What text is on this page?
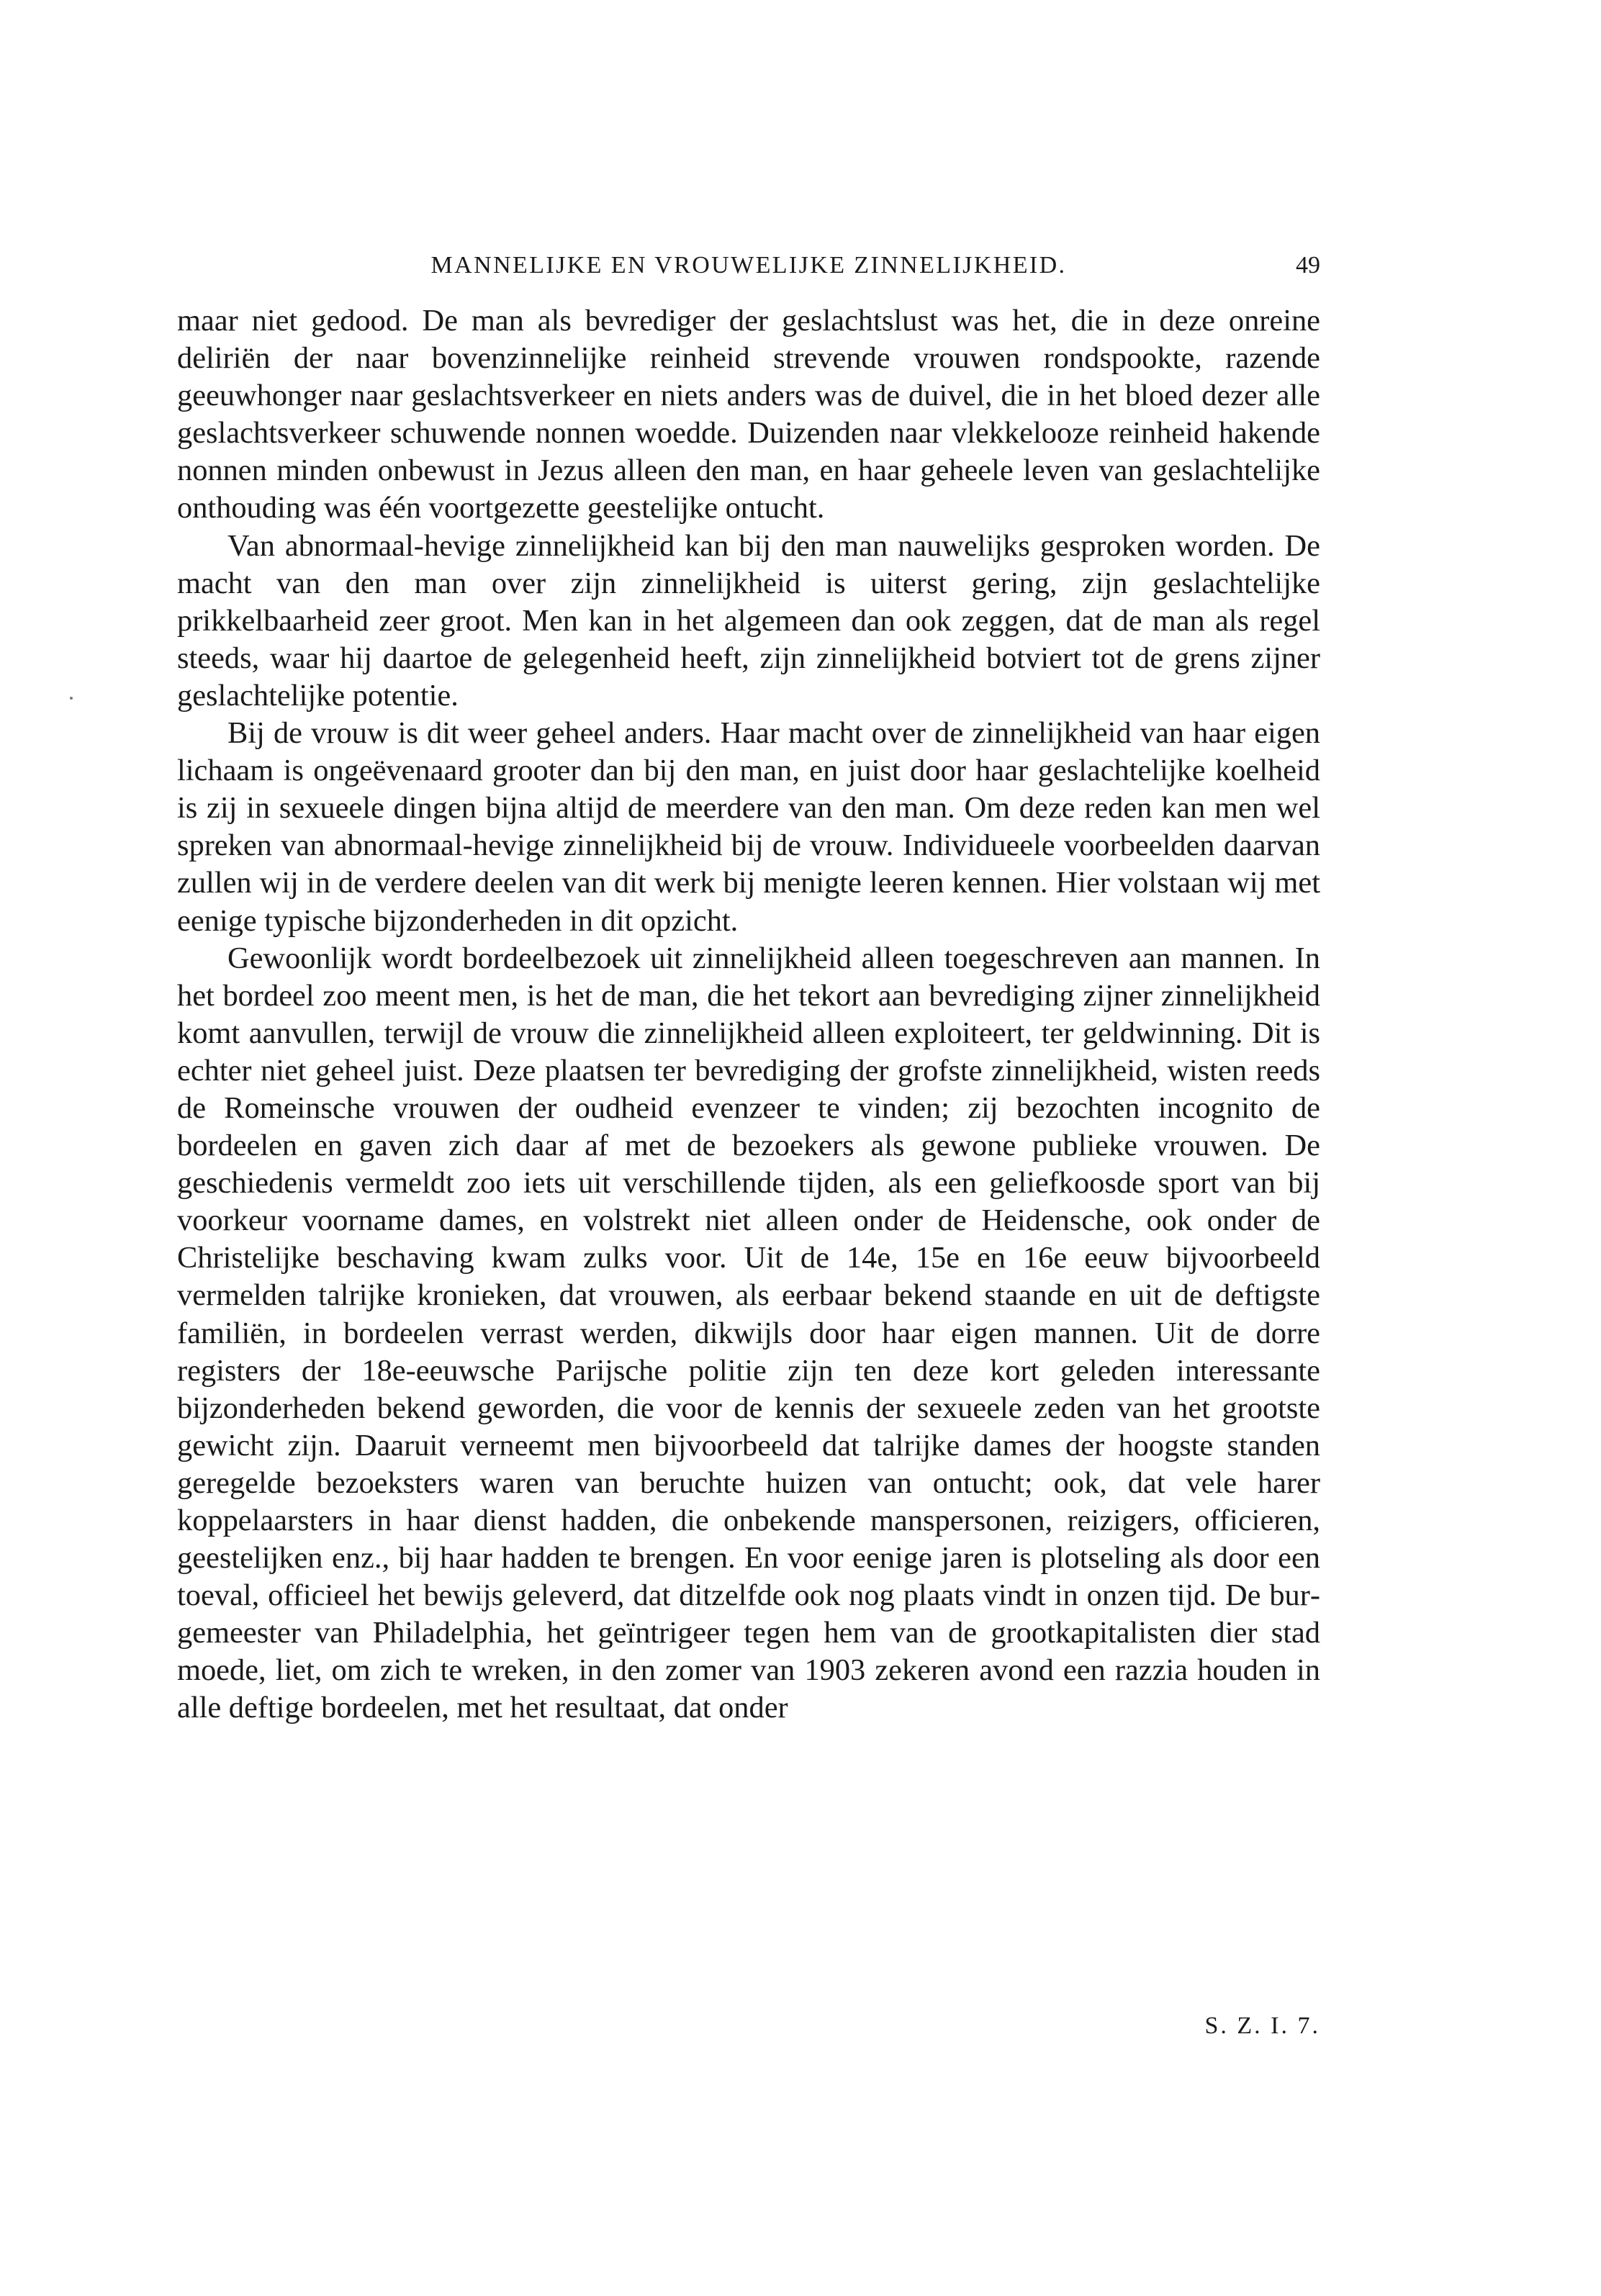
MANNELIJKE EN VROUWELIJKE ZINNELIJKHEID.	49

maar niet gedood. De man als bevrediger der geslachtslust was het, die in deze onreine deliriën der naar bovenzinnelijke reinheid strevende vrouwen rondspookte, razende geeuwhonger naar geslachtsverkeer en niets anders was de duivel, die in het bloed dezer alle geslachtsverkeer schuwende nonnen woedde. Duizenden naar vlekkelooze reinheid hakende nonnen minden onbewust in Jezus alleen den man, en haar geheele leven van geslachtelijke onthouding was één voortgezette geestelijke ontucht.

Van abnormaal-hevige zinnelijkheid kan bij den man nauwelijks gesproken worden. De macht van den man over zijn zinnelijkheid is uiterst gering, zijn geslachtelijke prikkelbaarheid zeer groot. Men kan in het algemeen dan ook zeggen, dat de man als regel steeds, waar hij daartoe de gelegenheid heeft, zijn zinnelijkheid botviert tot de grens zijner geslachtelijke potentie.

Bij de vrouw is dit weer geheel anders. Haar macht over de zinnelijkheid van haar eigen lichaam is ongeëvenaard grooter dan bij den man, en juist door haar geslachtelijke koelheid is zij in sexueele dingen bijna altijd de meerdere van den man. Om deze reden kan men wel spreken van abnormaal-hevige zinnelijkheid bij de vrouw. Individueele voorbeelden daarvan zullen wij in de verdere deelen van dit werk bij menigte leeren kennen. Hier volstaan wij met eenige typische bijzonderheden in dit opzicht.

Gewoonlijk wordt bordeelbezoek uit zinnelijkheid alleen toegeschreven aan mannen. In het bordeel zoo meent men, is het de man, die het tekort aan bevrediging zijner zinnelijkheid komt aanvullen, terwijl de vrouw die zinnelijkheid alleen exploiteert, ter geldwinning. Dit is echter niet geheel juist. Deze plaatsen ter bevrediging der grofste zinnelijkheid, wisten reeds de Romeinsche vrouwen der oudheid evenzeer te vinden; zij bezochten incognito de bordeelen en gaven zich daar af met de bezoekers als gewone publieke vrouwen. De geschiedenis vermeldt zoo iets uit verschillende tijden, als een geliefkoosde sport van bij voorkeur voorname dames, en volstrekt niet alleen onder de Heidensche, ook onder de Christelijke beschaving kwam zulks voor. Uit de 14e, 15e en 16e eeuw bijvoorbeeld vermelden talrijke kronieken, dat vrouwen, als eerbaar bekend staande en uit de deftigste familiën, in bordeelen verrast werden, dikwijls door haar eigen mannen. Uit de dorre registers der 18e-eeuwsche Parijsche politie zijn ten deze kort geleden interessante bijzonderheden bekend geworden, die voor de kennis der sexueele zeden van het grootste gewicht zijn. Daaruit verneemt men bijvoorbeeld dat talrijke dames der hoogste standen geregelde bezoeksters waren van beruchte huizen van ontucht; ook, dat vele harer koppelaarsters in haar dienst hadden, die onbekende manspersonen, reizigers, officieren, geestelijken enz., bij haar hadden te brengen. En voor eenige jaren is plotseling als door een toeval, officieel het bewijs geleverd, dat ditzelfde ook nog plaats vindt in onzen tijd. De burgemeester van Philadelphia, het geïntrigeer tegen hem van de grootkapitalisten dier stad moede, liet, om zich te wreken, in den zomer van 1903 zekeren avond een razzia houden in alle deftige bordeelen, met het resultaat, dat onder

S. Z. I. 7.
